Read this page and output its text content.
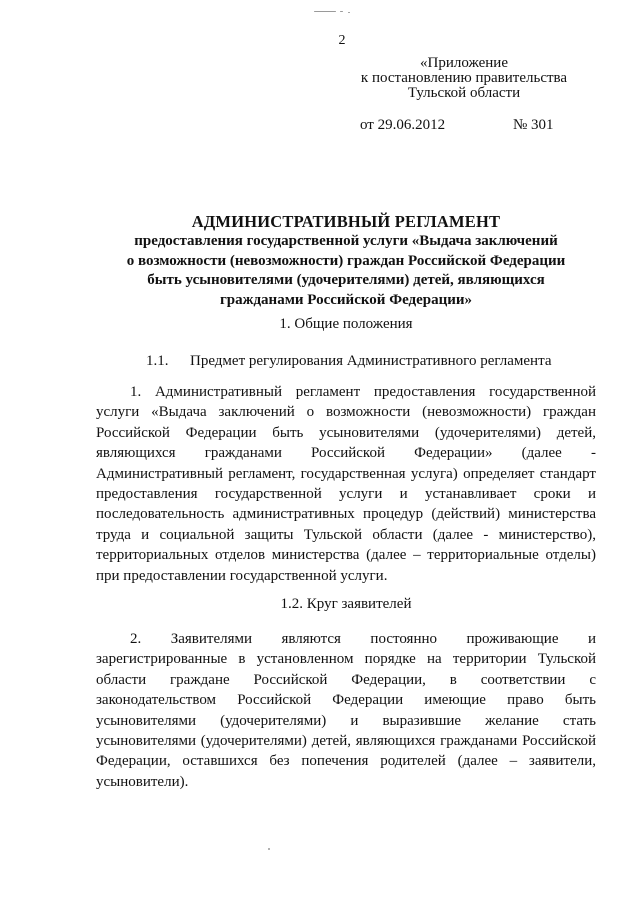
2
«Приложение
к постановлению правительства
Тульской области
от 29.06.2012	№ 301
АДМИНИСТРАТИВНЫЙ РЕГЛАМЕНТ
предоставления государственной услуги «Выдача заключений
о возможности (невозможности) граждан Российской Федерации
быть усыновителями (удочерителями) детей, являющихся
гражданами Российской Федерации»
1. Общие положения
1.1. Предмет регулирования Административного регламента
1. Административный регламент предоставления государственной
услуги «Выдача заключений о возможности (невозможности) граждан
Российской Федерации быть усыновителями (удочерителями) детей,
являющихся гражданами Российской Федерации» (далее -
Административный регламент, государственная услуга) определяет стандарт
предоставления государственной услуги и устанавливает сроки и
последовательность административных процедур (действий) министерства
труда и социальной защиты Тульской области (далее - министерство),
территориальных отделов министерства (далее – территориальные отделы)
при предоставлении государственной услуги.
1.2. Круг заявителей
2. Заявителями являются постоянно проживающие и
зарегистрированные в установленном порядке на территории Тульской
области граждане Российской Федерации, в соответствии с
законодательством Российской Федерации имеющие право быть
усыновителями (удочерителями) и выразившие желание стать
усыновителями (удочерителями) детей, являющихся гражданами Российской
Федерации, оставшихся без попечения родителей (далее – заявители,
усыновители).
